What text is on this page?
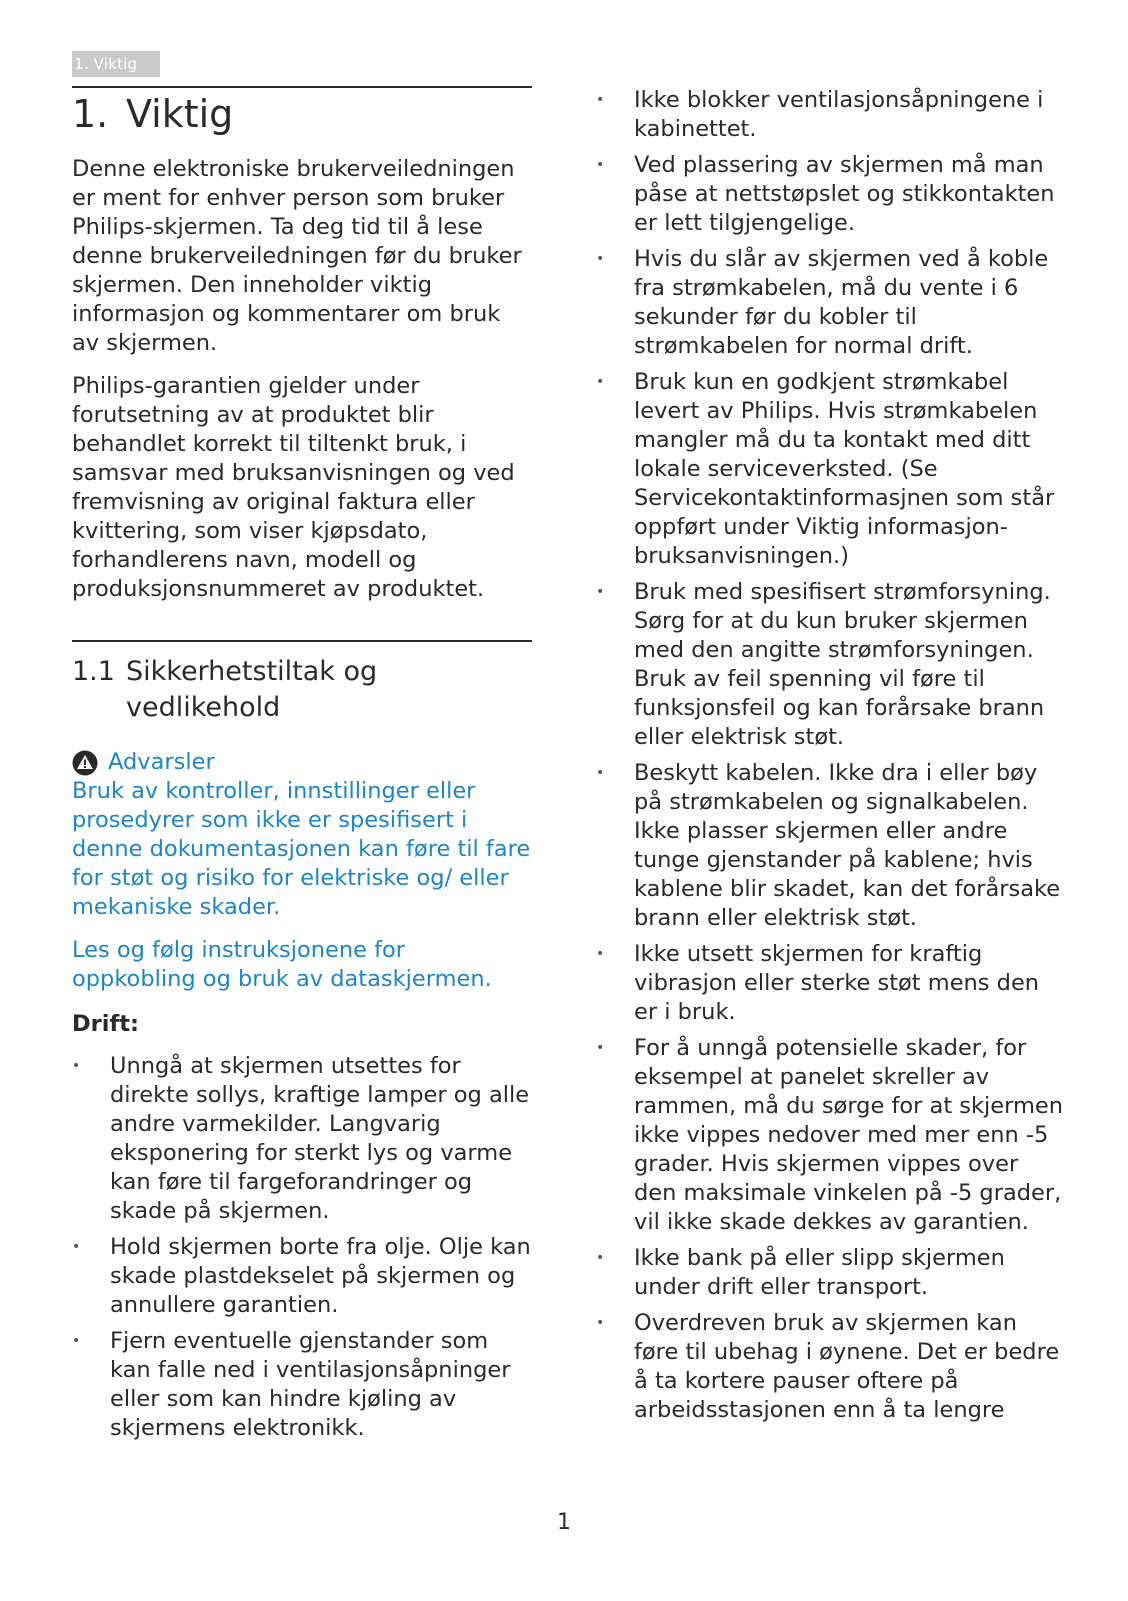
1. Viktig
1. Viktig

Denne elektroniske brukerveiledningen er ment for enhver person som bruker Philips-skjermen. Ta deg tid til å lese denne brukerveiledningen før du bruker skjermen. Den inneholder viktig informasjon og kommentarer om bruk av skjermen.

Philips-garantien gjelder under forutsetning av at produktet blir behandlet korrekt til tiltenkt bruk, i samsvar med bruksanvisningen og ved fremvisning av original faktura eller kvittering, som viser kjøpsdato, forhandlerens navn, modell og produksjonsnummeret av produktet.

1.1 Sikkerhetstiltak og vedlikehold
Advarsler

Bruk av kontroller, innstillinger eller prosedyrer som ikke er spesifisert i denne dokumentasjonen kan føre til fare for støt og risiko for elektriske og/ eller mekaniske skader.

Les og følg instruksjonene for oppkobling og bruk av dataskjermen.

Drift:
• Unngå at skjermen utsettes for direkte sollys, kraftige lamper og alle andre varmekilder. Langvarig eksponering for sterkt lys og varme kan føre til fargeforandringer og skade på skjermen.
• Hold skjermen borte fra olje. Olje kan skade plastdekselet på skjermen og annullere garantien.
• Fjern eventuelle gjenstander som kan falle ned i ventilasjonsåpninger eller som kan hindre kjøling av skjermens elektronikk.
• Ikke blokker ventilasjonsåpningene i kabinettet.
• Ved plassering av skjermen må man påse at nettstøpslet og stikkontakten er lett tilgjengelige.
• Hvis du slår av skjermen ved å koble fra strømkabelen, må du vente i 6 sekunder før du kobler til strømkabelen for normal drift.
• Bruk kun en godkjent strømkabel levert av Philips. Hvis strømkabelen mangler må du ta kontakt med ditt lokale serviceverksted. (Se Servicekontaktinformasjnen som står oppført under Viktig informasjon-bruksanvisningen.)
• Bruk med spesifisert strømforsyning. Sørg for at du kun bruker skjermen med den angitte strømforsyningen. Bruk av feil spenning vil føre til funksjonsfeil og kan forårsake brann eller elektrisk støt.
• Beskytt kabelen. Ikke dra i eller bøy på strømkabelen og signalkabelen. Ikke plasser skjermen eller andre tunge gjenstander på kablene; hvis kablene blir skadet, kan det forårsake brann eller elektrisk støt.
• Ikke utsett skjermen for kraftig vibrasjon eller sterke støt mens den er i bruk.
• For å unngå potensielle skader, for eksempel at panelet skreller av rammen, må du sørge for at skjermen ikke vippes nedover med mer enn -5 grader. Hvis skjermen vippes over den maksimale vinkelen på -5 grader, vil ikke skade dekkes av garantien.
• Ikke bank på eller slipp skjermen under drift eller transport.
• Overdreven bruk av skjermen kan føre til ubehag i øynene. Det er bedre å ta kortere pauser oftere på arbeidsstasjonen enn å ta lengre
1
